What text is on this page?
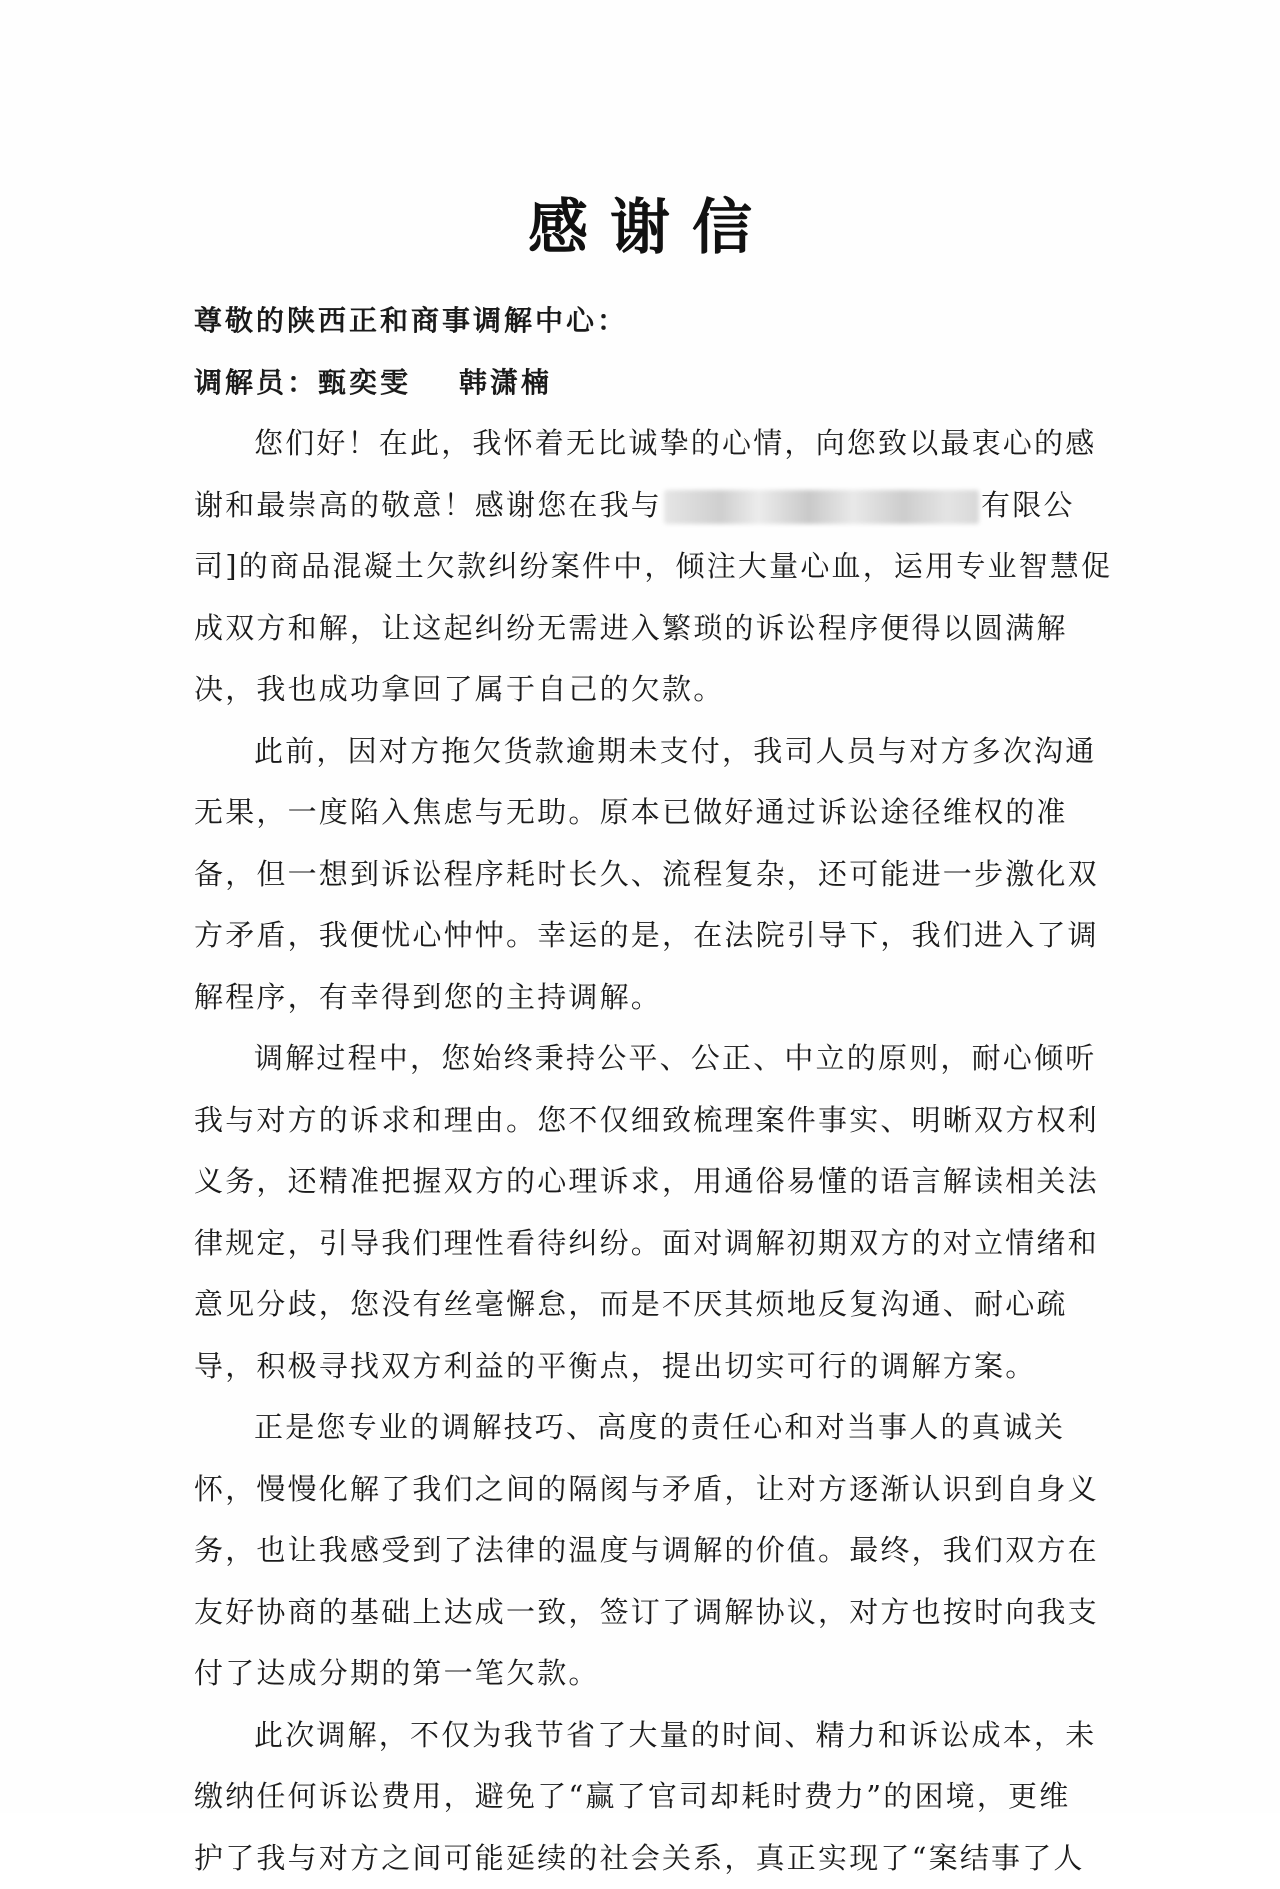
感谢信
尊敬的陕西正和商事调解中心：
调解员：甄奕雯 韩潇楠
您们好！在此，我怀着无比诚挚的心情，向您致以最衷心的感
谢和最崇高的敬意！感谢您在我与	有限公
司]的商品混凝土欠款纠纷案件中，倾注大量心血，运用专业智慧促
成双方和解，让这起纠纷无需进入繁琐的诉讼程序便得以圆满解
决，我也成功拿回了属于自己的欠款。
此前，因对方拖欠货款逾期未支付，我司人员与对方多次沟通
无果，一度陷入焦虑与无助。原本已做好通过诉讼途径维权的准
备，但一想到诉讼程序耗时长久、流程复杂，还可能进一步激化双
方矛盾，我便忧心忡忡。幸运的是，在法院引导下，我们进入了调
解程序，有幸得到您的主持调解。
调解过程中，您始终秉持公平、公正、中立的原则，耐心倾听
我与对方的诉求和理由。您不仅细致梳理案件事实、明晰双方权利
义务，还精准把握双方的心理诉求，用通俗易懂的语言解读相关法
律规定，引导我们理性看待纠纷。面对调解初期双方的对立情绪和
意见分歧，您没有丝毫懈怠，而是不厌其烦地反复沟通、耐心疏
导，积极寻找双方利益的平衡点，提出切实可行的调解方案。
正是您专业的调解技巧、高度的责任心和对当事人的真诚关
怀，慢慢化解了我们之间的隔阂与矛盾，让对方逐渐认识到自身义
务，也让我感受到了法律的温度与调解的价值。最终，我们双方在
友好协商的基础上达成一致，签订了调解协议，对方也按时向我支
付了达成分期的第一笔欠款。
此次调解，不仅为我节省了大量的时间、精力和诉讼成本，未
缴纳任何诉讼费用，避免了“赢了官司却耗时费力”的困境，更维
护了我与对方之间可能延续的社会关系，真正实现了“案结事了人
